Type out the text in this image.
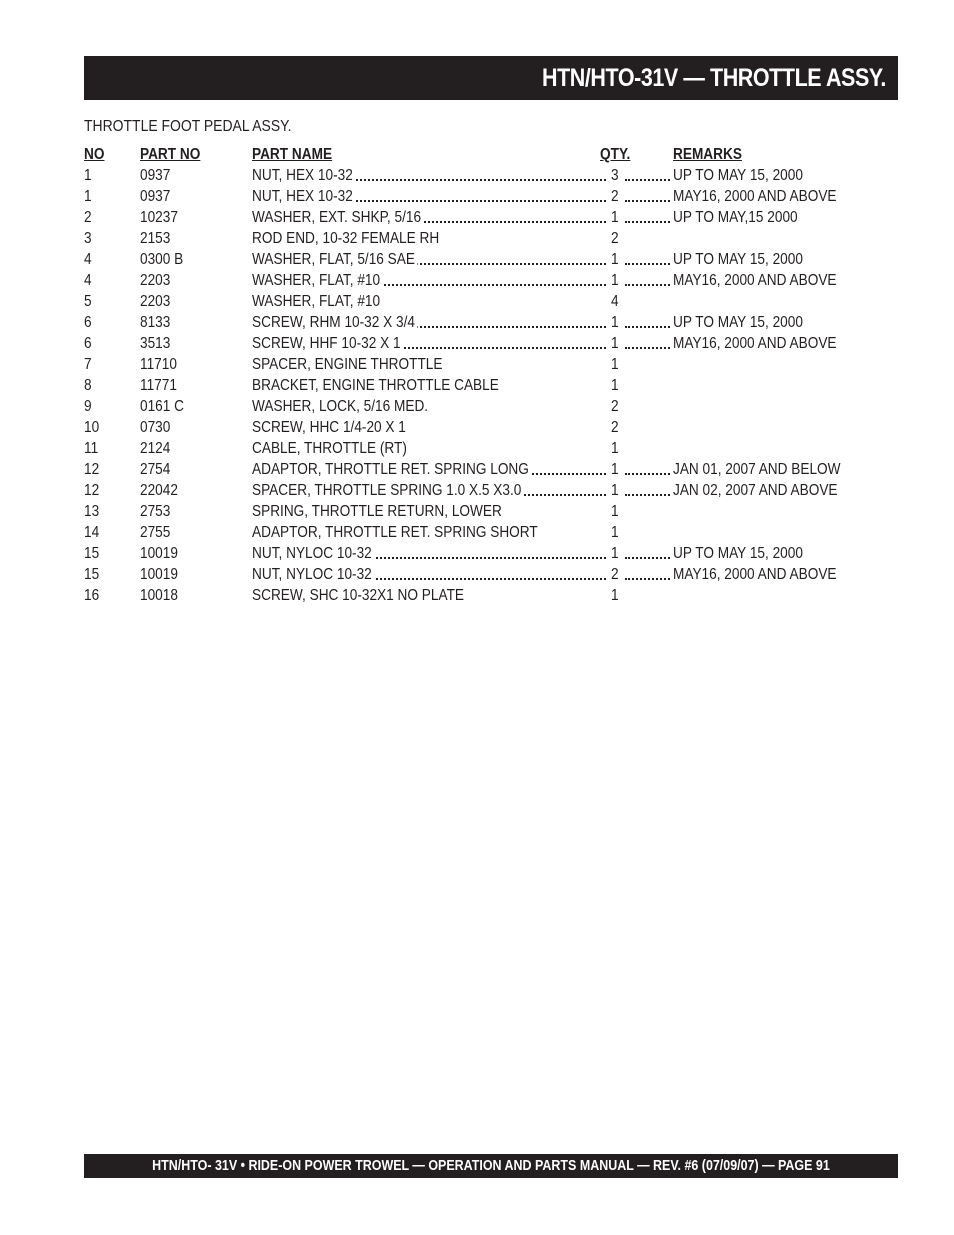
HTN/HTO-31V — THROTTLE ASSY.
THROTTLE FOOT PEDAL ASSY.
NO PART NO	PART NAME	QTY.	REMARKS
1	0937	NUT, HEX 10-32	3	UP TO MAY 15, 2000
1	0937	NUT, HEX 10-32	2	MAY16, 2000 AND ABOVE
2	10237	WASHER, EXT. SHKP, 5/16	1	UP TO MAY,15 2000
3	2153	ROD END, 10-32 FEMALE RH	2
4	0300 B	WASHER, FLAT, 5/16 SAE	1	UP TO MAY 15, 2000
4	2203	WASHER, FLAT, #10	1	MAY16, 2000 AND ABOVE
5	2203	WASHER, FLAT, #10	4
6	8133	SCREW, RHM 10-32 X 3/4	1	UP TO MAY 15, 2000
6	3513	SCREW, HHF 10-32 X 1	1	MAY16, 2000 AND ABOVE
7	11710	SPACER, ENGINE THROTTLE	1
8	11771	BRACKET, ENGINE THROTTLE CABLE	1
9	0161 C	WASHER, LOCK, 5/16 MED.	2
10	0730	SCREW, HHC 1/4-20 X 1	2
11	2124	CABLE, THROTTLE (RT)	1
12	2754	ADAPTOR, THROTTLE RET. SPRING LONG	1	JAN 01, 2007 AND BELOW
12	22042	SPACER, THROTTLE SPRING 1.0 X.5 X3.0	1	JAN 02, 2007 AND ABOVE
13	2753	SPRING, THROTTLE RETURN, LOWER	1
14	2755	ADAPTOR, THROTTLE RET. SPRING SHORT	1
15	10019	NUT, NYLOC 10-32	1	UP TO MAY 15, 2000
15	10019	NUT, NYLOC 10-32	2	MAY16, 2000 AND ABOVE
16	10018	SCREW, SHC 10-32X1 NO PLATE	1
HTN/HTO- 31V • RIDE-ON POWER TROWEL — OPERATION AND PARTS MANUAL — REV. #6 (07/09/07) — PAGE 91
